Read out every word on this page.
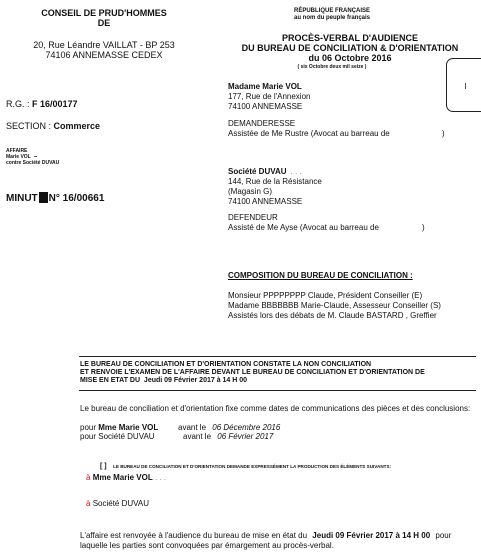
CONSEIL DE PRUD'HOMMES
DE
20, Rue Léandre VAILLAT - BP 253
74106 ANNEMASSE CEDEX
RÉPUBLIQUE FRANÇAISE
au nom du peuple français
PROCÈS-VERBAL D'AUDIENCE
DU BUREAU DE CONCILIATION & D'ORIENTATION
du 06 Octobre 2016
( six Octobre deux mil seize )
R.G. : F 16/00177
SECTION : Commerce
AFFAIRE
Marie VOL
contre Société DUVAU
MINUT N° 16/00661
Madame Marie VOL
177, Rue de l'Annexion
74100 ANNEMASSE
DEMANDERESSE
Assistée de Me Rustre (Avocat au barreau de	)
Société DUVAU . . .
144, Rue de la Résistance
(Magasin G)
74100 ANNEMASSE
DEFENDEUR
Assisté de Me Ayse (Avocat au barreau de	)
COMPOSITION DU BUREAU DE CONCILIATION :
Monsieur PPPPPPPP Claude, Président Conseiller (E)
Madame BBBBBBB Marie-Claude, Assesseur Conseiller (S)
Assistés lors des débats de M. Claude BASTARD , Greffier
LE BUREAU DE CONCILIATION ET D'ORIENTATION CONSTATE LA NON CONCILIATION
ET RENVOIE L'EXAMEN DE L'AFFAIRE DEVANT LE BUREAU DE CONCILIATION ET D'ORIENTATION DE
MISE EN ETAT DU Jeudi 09 Février 2017 à 14 H 00
Le bureau de conciliation et d'orientation fixe comme dates de communications des pièces et des conclusions:
pour Mme Marie VOL avant le 06 Décembre 2016
pour Société DUVAU	avant le 06 Février 2017
[ ] LE BUREAU DE CONCILIATION ET D'ORIENTATION DEMANDE EXPRESSÉMENT LA PRODUCTION DES ÉLÉMENTS SUIVANTS:
à Mme Marie VOL . . .
à Société DUVAU
L'affaire est renvoyée à l'audience du bureau de mise en état du Jeudi 09 Février 2017 à 14 H 00 pour
laquelle les parties sont convoquées par émargement au procès-verbal.
